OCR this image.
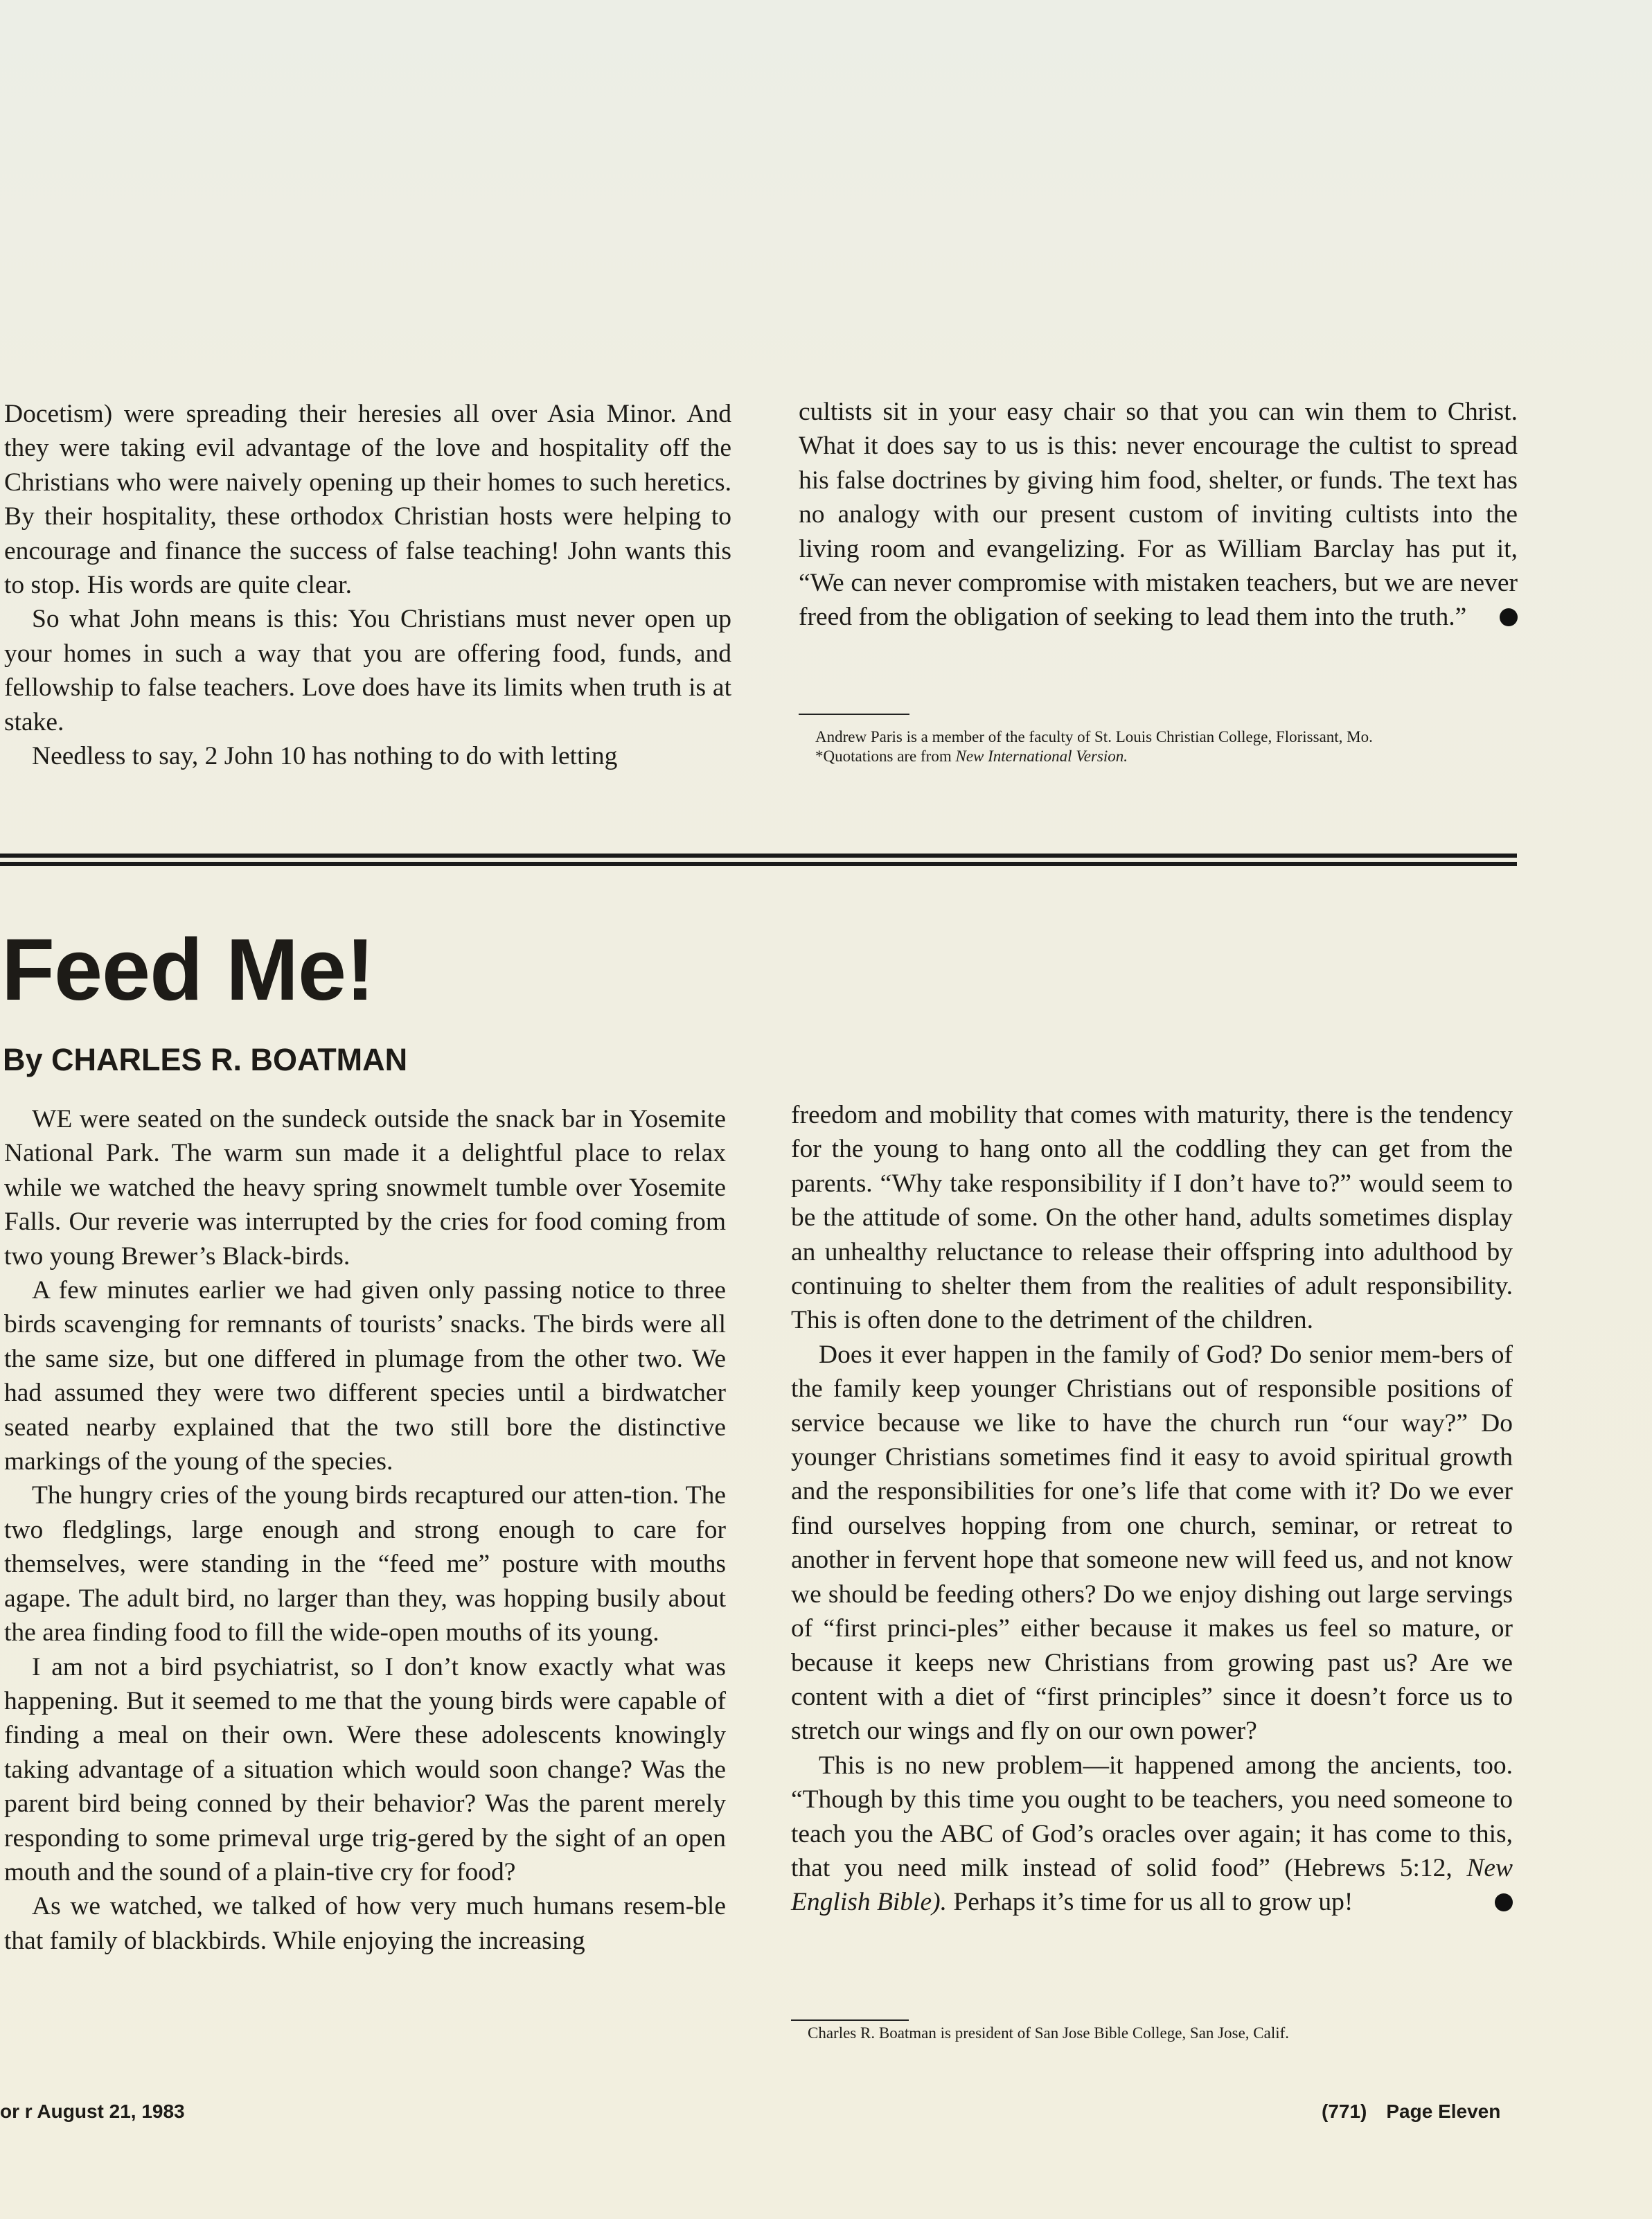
Docetism) were spreading their heresies all over Asia Minor. And they were taking evil advantage of the love and hospitality off the Christians who were naively opening up their homes to such heretics. By their hospitality, these orthodox Christian hosts were helping to encourage and finance the success of false teaching! John wants this to stop. His words are quite clear.

So what John means is this: You Christians must never open up your homes in such a way that you are offering food, funds, and fellowship to false teachers. Love does have its limits when truth is at stake.

Needless to say, 2 John 10 has nothing to do with letting

cultists sit in your easy chair so that you can win them to Christ. What it does say to us is this: never encourage the cultist to spread his false doctrines by giving him food, shelter, or funds. The text has no analogy with our present custom of inviting cultists into the living room and evangelizing. For as William Barclay has put it, “We can never compromise with mistaken teachers, but we are never freed from the obligation of seeking to lead them into the truth.”

Andrew Paris is a member of the faculty of St. Louis Christian College, Florissant, Mo.

*Quotations are from New International Version.

Feed Me!
By CHARLES R. BOATMAN

WE were seated on the sundeck outside the snack bar in Yosemite National Park. The warm sun made it a delightful place to relax while we watched the heavy spring snowmelt tumble over Yosemite Falls. Our reverie was interrupted by the cries for food coming from two young Brewer’s Black-birds.

A few minutes earlier we had given only passing notice to three birds scavenging for remnants of tourists’ snacks. The birds were all the same size, but one differed in plumage from the other two. We had assumed they were two different species until a birdwatcher seated nearby explained that the two still bore the distinctive markings of the young of the species.

The hungry cries of the young birds recaptured our atten-tion. The two fledglings, large enough and strong enough to care for themselves, were standing in the “feed me” posture with mouths agape. The adult bird, no larger than they, was hopping busily about the area finding food to fill the wide-open mouths of its young.

I am not a bird psychiatrist, so I don’t know exactly what was happening. But it seemed to me that the young birds were capable of finding a meal on their own. Were these adolescents knowingly taking advantage of a situation which would soon change? Was the parent bird being conned by their behavior? Was the parent merely responding to some primeval urge trig-gered by the sight of an open mouth and the sound of a plain-tive cry for food?

As we watched, we talked of how very much humans resem-ble that family of blackbirds. While enjoying the increasing

freedom and mobility that comes with maturity, there is the tendency for the young to hang onto all the coddling they can get from the parents. “Why take responsibility if I don’t have to?” would seem to be the attitude of some. On the other hand, adults sometimes display an unhealthy reluctance to release their offspring into adulthood by continuing to shelter them from the realities of adult responsibility. This is often done to the detriment of the children.

Does it ever happen in the family of God? Do senior mem-bers of the family keep younger Christians out of responsible positions of service because we like to have the church run “our way?” Do younger Christians sometimes find it easy to avoid spiritual growth and the responsibilities for one’s life that come with it? Do we ever find ourselves hopping from one church, seminar, or retreat to another in fervent hope that someone new will feed us, and not know we should be feeding others? Do we enjoy dishing out large servings of “first princi-ples” either because it makes us feel so mature, or because it keeps new Christians from growing past us? Are we content with a diet of “first principles” since it doesn’t force us to stretch our wings and fly on our own power?

This is no new problem—it happened among the ancients, too. “Though by this time you ought to be teachers, you need someone to teach you the ABC of God’s oracles over again; it has come to this, that you need milk instead of solid food” (Hebrews 5:12, New English Bible). Perhaps it’s time for us all to grow up!

Charles R. Boatman is president of San Jose Bible College, San Jose, Calif.

or r August 21, 1983	(771) Page Eleven
